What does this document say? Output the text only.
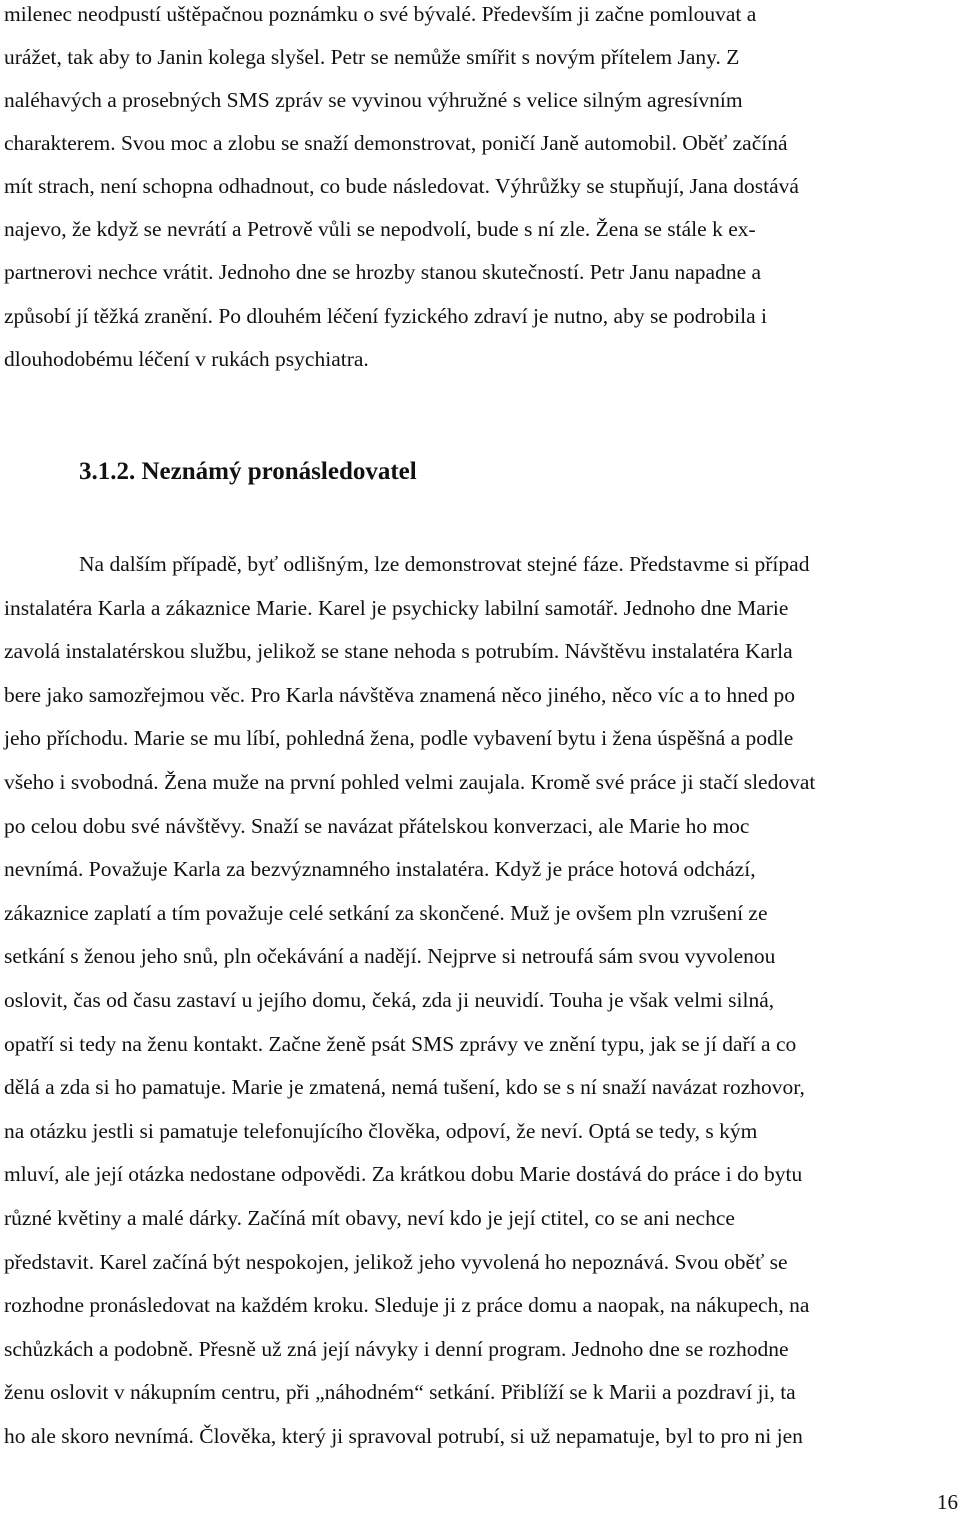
milenec neodpustí uštěpačnou poznámku o své bývalé. Především ji začne pomlouvat a
urážet, tak aby to Janin kolega slyšel. Petr se nemůže smířit s novým přítelem Jany. Z
naléhavých a prosebných SMS zpráv se vyvinou výhružné s velice silným agresívním
charakterem. Svou moc a zlobu se snaží demonstrovat, poničí Janě automobil. Oběť začíná
mít strach, není schopna odhadnout, co bude následovat. Výhrůžky se stupňují, Jana dostává
najevo, že když se nevrátí a Petrově vůli se nepodvolí, bude s ní zle. Žena se stále k ex-
partnerovi nechce vrátit. Jednoho dne se hrozby stanou skutečností. Petr Janu napadne a
způsobí jí těžká zranění. Po dlouhém léčení fyzického zdraví je nutno, aby se podrobila i
dlouhodobému léčení v rukách psychiatra.
3.1.2. Neznámý pronásledovatel
Na dalším případě, byť odlišným, lze demonstrovat stejné fáze. Představme si případ
instalatéra Karla a zákaznice Marie. Karel je psychicky labilní samotář. Jednoho dne Marie
zavolá instalatérskou službu, jelikož se stane nehoda s potrubím. Návštěvu instalatéra Karla
bere jako samozřejmou věc. Pro Karla návštěva znamená něco jiného, něco víc a to hned po
jeho příchodu. Marie se mu líbí, pohledná žena, podle vybavení bytu i žena úspěšná a podle
všeho i svobodná. Žena muže na první pohled velmi zaujala. Kromě své práce ji stačí sledovat
po celou dobu své návštěvy. Snaží se navázat přátelskou konverzaci, ale Marie ho moc
nevnímá. Považuje Karla za bezvýznamného instalatéra. Když je práce hotová odchází,
zákaznice zaplatí a tím považuje celé setkání za skončené. Muž je ovšem pln vzrušení ze
setkání s ženou jeho snů, pln očekávání a nadějí. Nejprve si netroufá sám svou vyvolenou
oslovit, čas od času zastaví u jejího domu, čeká, zda ji neuvidí. Touha je však velmi silná,
opatří si tedy na ženu kontakt. Začne ženě psát SMS zprávy ve znění typu, jak se jí daří a co
dělá a zda si ho pamatuje. Marie je zmatená, nemá tušení, kdo se s ní snaží navázat rozhovor,
na otázku jestli si pamatuje telefonujícího člověka, odpoví, že neví. Optá se tedy, s kým
mluví, ale její otázka nedostane odpovědi. Za krátkou dobu Marie dostává do práce i do bytu
různé květiny a malé dárky. Začíná mít obavy, neví kdo je její ctitel, co se ani nechce
představit. Karel začíná být nespokojen, jelikož jeho vyvolená ho nepoznává. Svou oběť se
rozhodne pronásledovat na každém kroku. Sleduje ji z práce domu a naopak, na nákupech, na
schůzkách a podobně. Přesně už zná její návyky i denní program. Jednoho dne se rozhodne
ženu oslovit v nákupním centru, při „náhodném“ setkání. Přiblíží se k Marii a pozdraví ji, ta
ho ale skoro nevnímá. Člověka, který ji spravoval potrubí, si už nepamatuje, byl to pro ni jen
16
